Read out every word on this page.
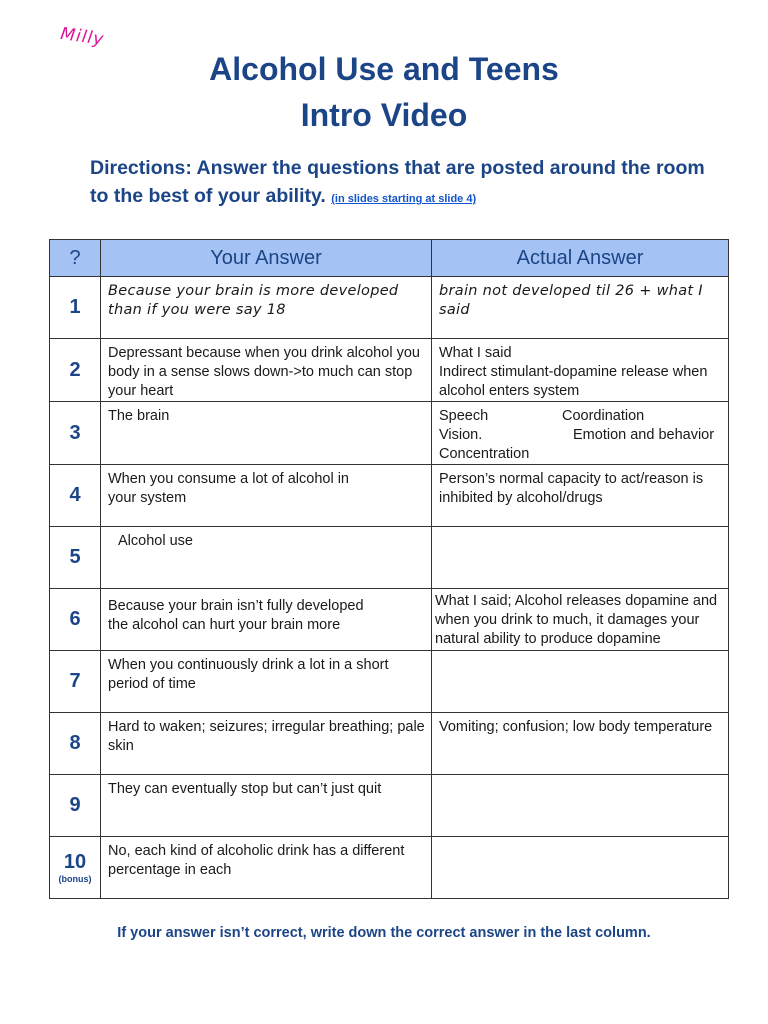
Milly
Alcohol Use and Teens
Intro Video
Directions: Answer the questions that are posted around the room to the best of your ability. (in slides starting at slide 4)
?	Your Answer	Actual Answer
1	Because your brain is more developed than if you were say 18	brain not developed til 26 + what I said
2	Depressant because when you drink alcohol you body in a sense slows down->to much can stop your heart	What I said
Indirect stimulant-dopamine release when alcohol enters system

3	The brain	Speech Coordination
Vision. Emotion and behavior
Concentration

4	When you consume a lot of alcohol in
your system	Person’s normal capacity to act/reason is inhibited by alcohol/drugs
5	Alcohol use	
6	Because your brain isn’t fully developed
the alcohol can hurt your brain more	What I said; Alcohol releases dopamine and when you drink to much, it damages your natural ability to produce dopamine
7	When you continuously drink a lot in a short period of time	
8	Hard to waken; seizures; irregular breathing; pale skin	Vomiting; confusion; low body temperature
9	They can eventually stop but can’t just quit	
10
(bonus)	No, each kind of alcoholic drink has a different percentage in each	
If your answer isn’t correct, write down the correct answer in the last column.
